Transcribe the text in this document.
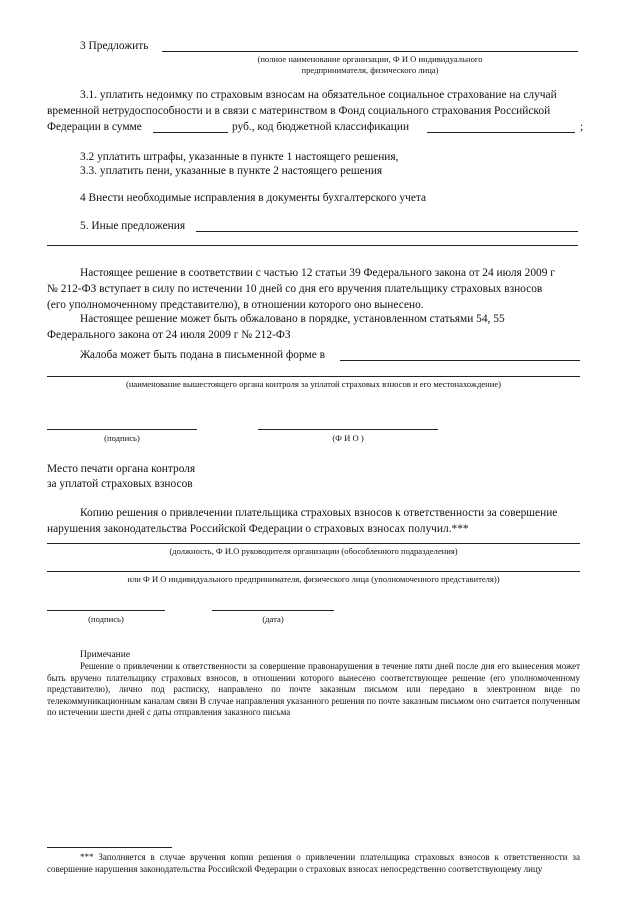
3 Предложить
(полное наименование организации, Ф И О индивидуального
предпринимателя, физического лица)
3.1. уплатить недоимку по страховым взносам на обязательное социальное страхование на случай
временной нетрудоспособности и в связи с материнством в Фонд социального страхования Российской
Федерации в сумме	руб., код бюджетной классификации	;
3.2 уплатить штрафы, указанные в пункте 1 настоящего решения,
3.3. уплатить пени, указанные в пункте 2 настоящего решения
4 Внести необходимые исправления в документы бухгалтерского учета
5. Иные предложения
Настоящее решение в соответствии с частью 12 статьи 39 Федерального закона от 24 июля 2009 г
№ 212-ФЗ вступает в силу по истечении 10 дней со дня его вручения плательщику страховых взносов
(его уполномоченному представителю), в отношении которого оно вынесено.
Настоящее решение может быть обжаловано в порядке, установленном статьями 54, 55
Федерального закона от 24 июля 2009 г № 212-ФЗ
Жалоба может быть подана в письменной форме в
(наименование вышестоящего органа контроля за уплатой страховых взносов и его местонахождение)
(подпись)	(Ф И О )
Место печати органа контроля
за уплатой страховых взносов
Копию решения о привлечении плательщика страховых взносов к ответственности за совершение
нарушения законодательства Российской Федерации о страховых взносах получил.***
(должность, Ф И.О руководителя организации (обособленного подразделения)
или Ф И О индивидуального предпринимателя, физического лица (уполномоченного представителя))
(подпись)	(дата)
Примечание
Решение о привлечении к ответственности за совершение правонарушения в течение пяти дней после дня его вынесения может быть вручено плательщику страховых взносов, в отношении которого вынесено соответствующее решение (его уполномоченному представителю), лично под расписку, направлено по почте заказным письмом или передано в электронном виде по телекоммуникационным каналам связи В случае направления указанного решения по почте заказным письмом оно считается полученным по истечении шести дней с даты отправления заказного письма
*** Заполняется в случае вручения копии решения о привлечении плательщика страховых взносов к ответственности за совершение нарушения законодательства Российской Федерации о страховых взносах непосредственно соответствующему лицу
